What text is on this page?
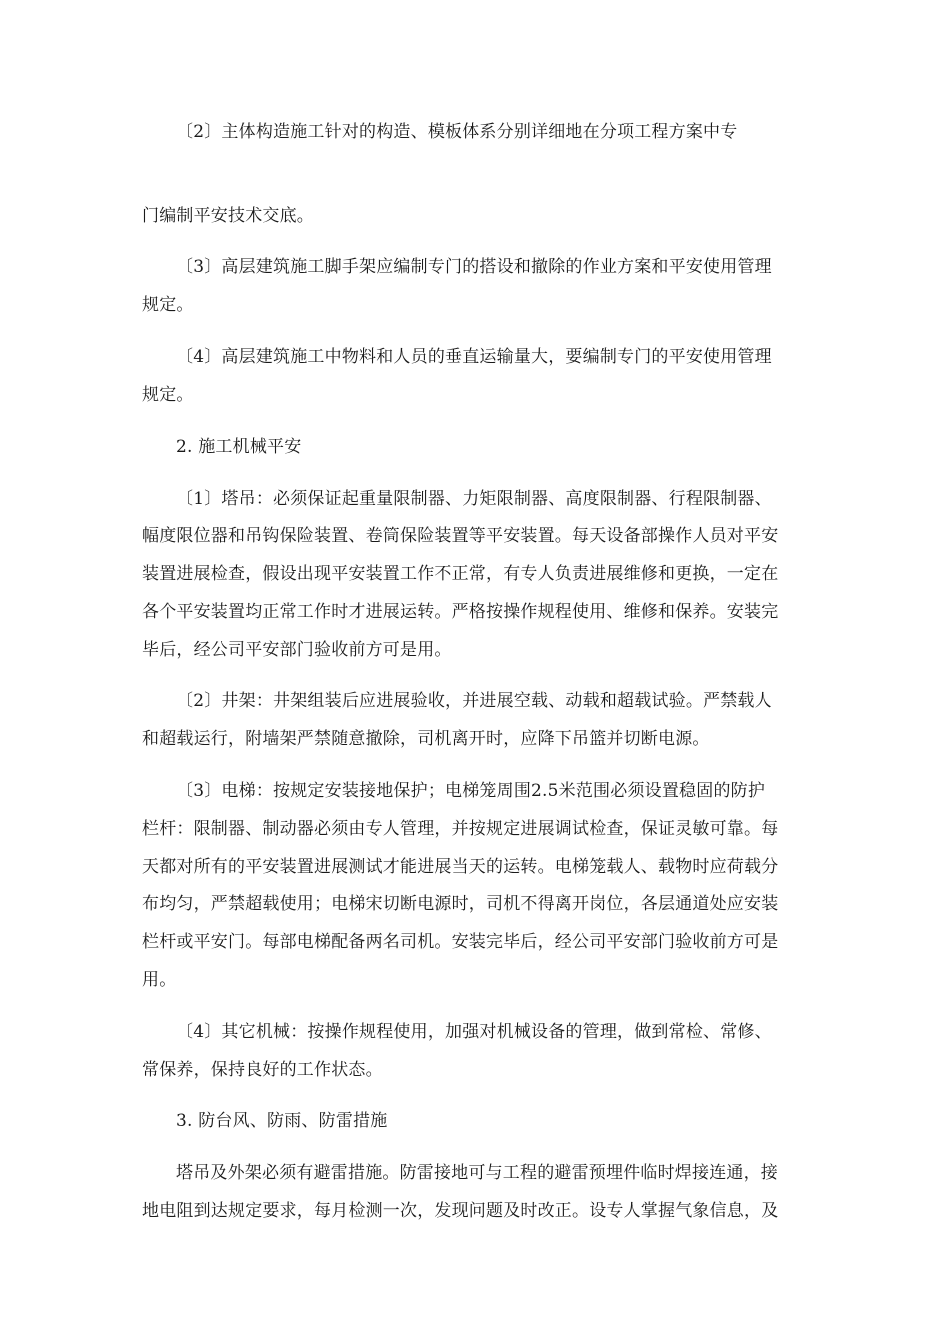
〔2〕主体构造施工针对的构造、模板体系分别详细地在分项工程方案中专
门编制平安技术交底。
〔3〕高层建筑施工脚手架应编制专门的搭设和撤除的作业方案和平安使用管理
规定。
〔4〕高层建筑施工中物料和人员的垂直运输量大，要编制专门的平安使用管理
规定。
2. 施工机械平安
〔1〕塔吊：必须保证起重量限制器、力矩限制器、高度限制器、行程限制器、
幅度限位器和吊钩保险装置、卷筒保险装置等平安装置。每天设备部操作人员对平安
装置进展检查，假设出现平安装置工作不正常，有专人负责进展维修和更换，一定在
各个平安装置均正常工作时才进展运转。严格按操作规程使用、维修和保养。安装完
毕后，经公司平安部门验收前方可是用。
〔2〕井架：井架组装后应进展验收，并进展空载、动载和超载试验。严禁载人
和超载运行，附墙架严禁随意撤除，司机离开时，应降下吊篮并切断电源。
〔3〕电梯：按规定安装接地保护；电梯笼周围2.5米范围必须设置稳固的防护
栏杆：限制器、制动器必须由专人管理，并按规定进展调试检查，保证灵敏可靠。每
天都对所有的平安装置进展测试才能进展当天的运转。电梯笼载人、载物时应荷载分
布均匀，严禁超载使用；电梯宋切断电源时，司机不得离开岗位，各层通道处应安装
栏杆或平安门。每部电梯配备两名司机。安装完毕后，经公司平安部门验收前方可是
用。
〔4〕其它机械：按操作规程使用，加强对机械设备的管理，做到常检、常修、
常保养，保持良好的工作状态。
3. 防台风、防雨、防雷措施
塔吊及外架必须有避雷措施。防雷接地可与工程的避雷预埋件临时焊接连通，接
地电阻到达规定要求，每月检测一次，发现问题及时改正。设专人掌握气象信息，及
